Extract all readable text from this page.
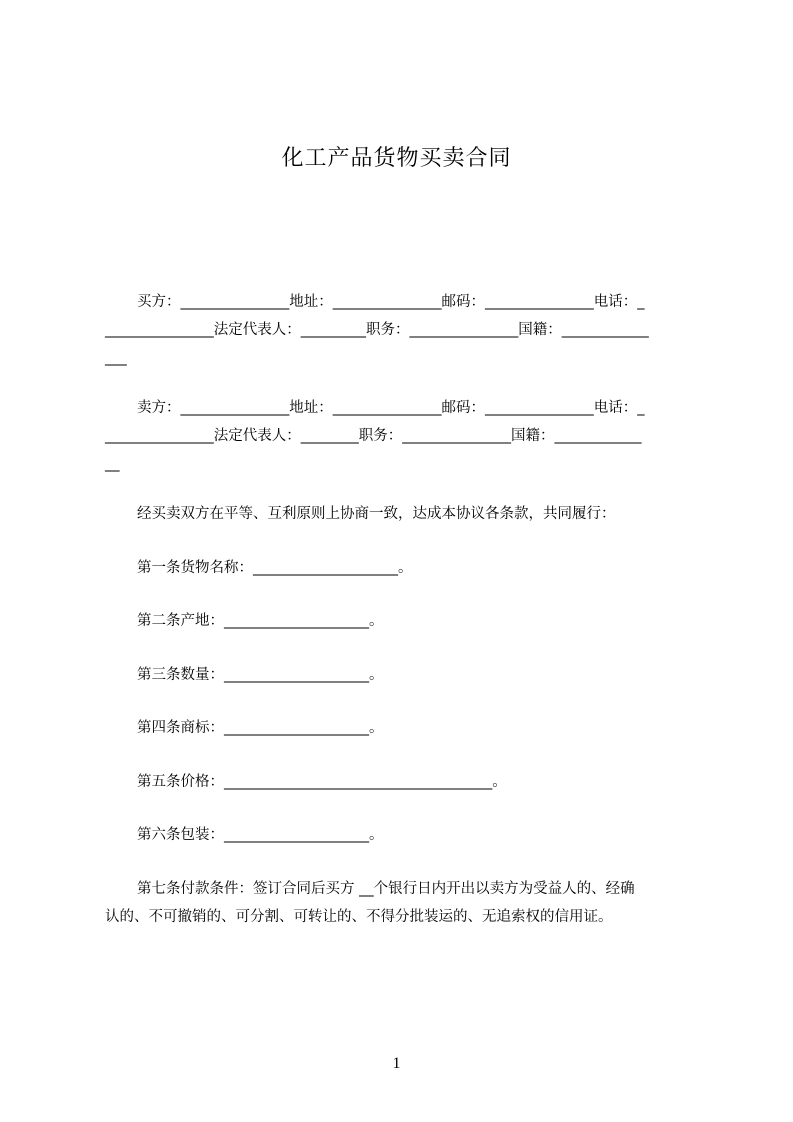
化工产品货物买卖合同
买方：_______________地址：_______________邮码：_______________电话：_
_______________法定代表人：_________职务：_______________国籍：____________
___
卖方：_______________地址：_______________邮码：_______________电话：_
_______________法定代表人：________职务：_______________国籍：____________
__
经买卖双方在平等、互利原则上协商一致，达成本协议各条款，共同履行：
第一条货物名称：____________________。
第二条产地：____________________。
第三条数量：____________________。
第四条商标：____________________。
第五条价格：_____________________________________。
第六条包装：____________________。
第七条付款条件：签订合同后买方 __个银行日内开出以卖方为受益人的、经确
认的、不可撤销的、可分割、可转让的、不得分批装运的、无追索权的信用证。
1
